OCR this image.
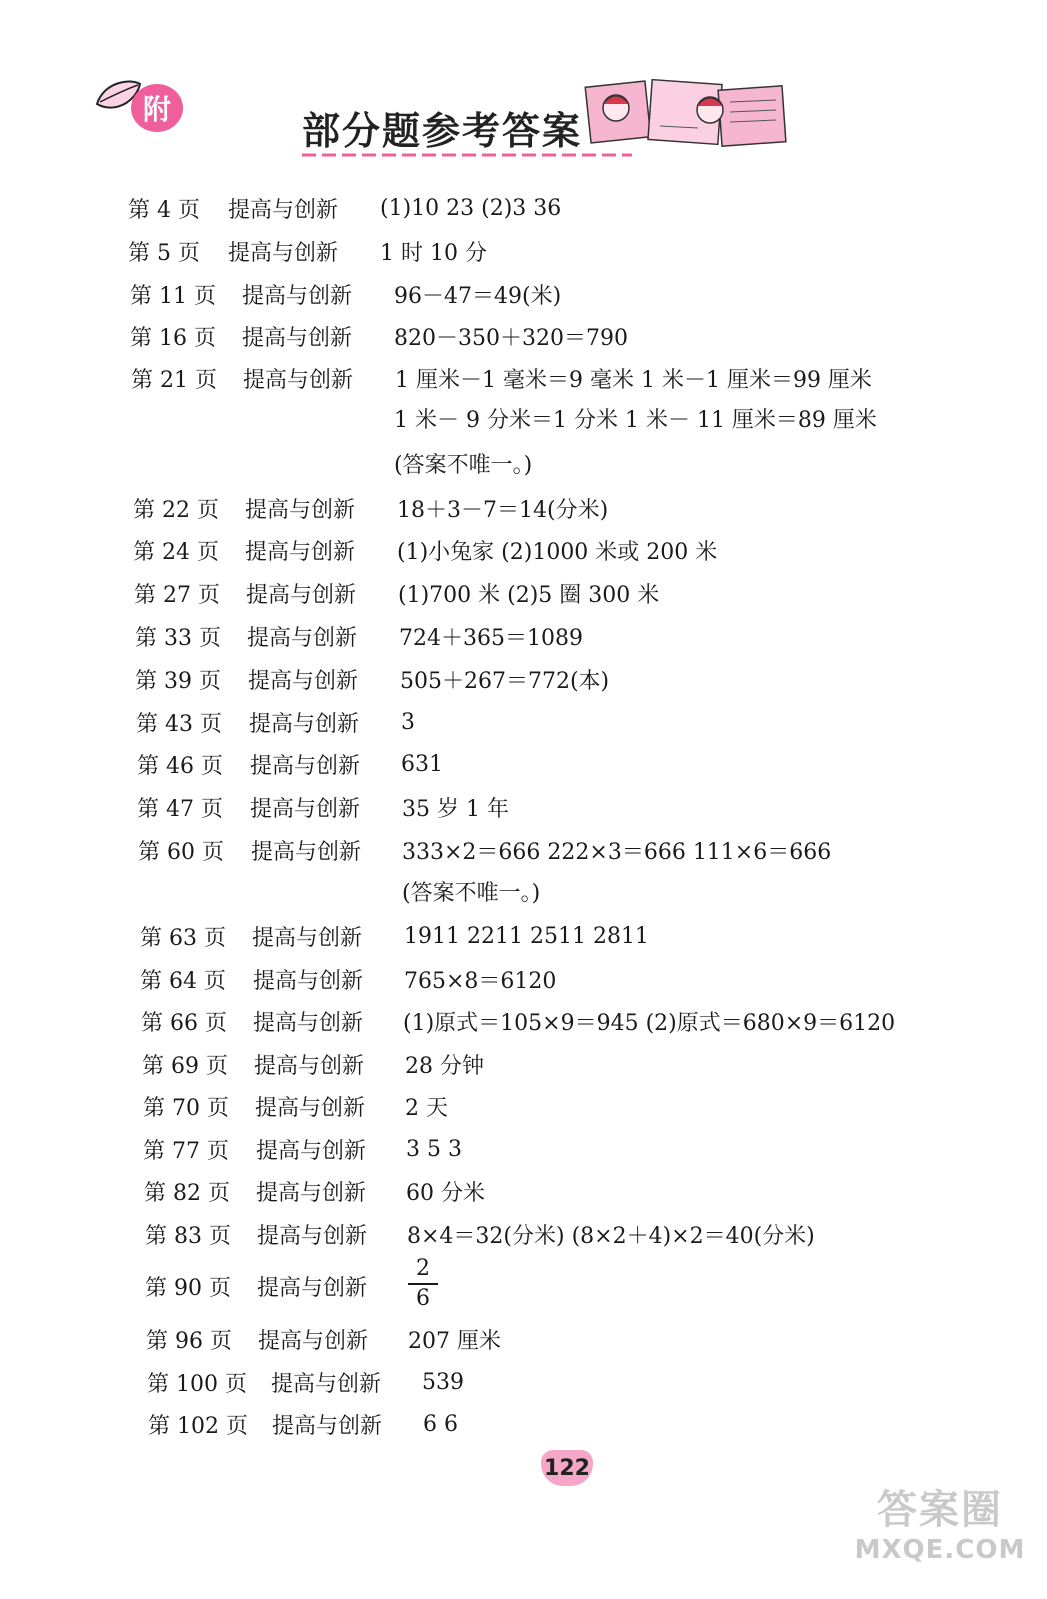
附	部分题参考答案
第 4 页	提高与创新 (1)10 23 (2)3 36
第 5 页	提高与创新 1 时 10 分
第 11 页	提高与创新 96－47＝49(米)
第 16 页	提高与创新 820－350＋320＝790
第 21 页	提高与创新 1 厘米－1 毫米＝9 毫米 1 米－1 厘米＝99 厘米
1 米－ 9 分米＝1 分米 1 米－ 11 厘米＝89 厘米
(答案不唯一。)
第 22 页	提高与创新 18＋3－7＝14(分米)
第 24 页	提高与创新 (1)小兔家 (2)1000 米或 200 米
第 27 页	提高与创新 (1)700 米 (2)5 圈 300 米
第 33 页	提高与创新 724＋365＝1089
第 39 页	提高与创新 505＋267＝772(本)
第 43 页	提高与创新 3
第 46 页	提高与创新 631
第 47 页	提高与创新 35 岁 1 年
第 60 页	提高与创新 333×2＝666 222×3＝666 111×6＝666
(答案不唯一。)
第 63 页	提高与创新 1911 2211 2511 2811
第 64 页	提高与创新 765×8＝6120
第 66 页	提高与创新 (1)原式＝105×9＝945 (2)原式＝680×9＝6120
第 69 页	提高与创新 28 分钟
第 70 页	提高与创新 2 天
第 77 页	提高与创新 3 5 3
第 82 页	提高与创新 60 分米
第 83 页	提高与创新 8×4＝32(分米) (8×2＋4)×2＝40(分米)
第 90 页	提高与创新
2
6
第 96 页	提高与创新 207 厘米
第 100 页	提高与创新 539
第 102 页	提高与创新 6 6
122
答案圈
MXQE.COM
